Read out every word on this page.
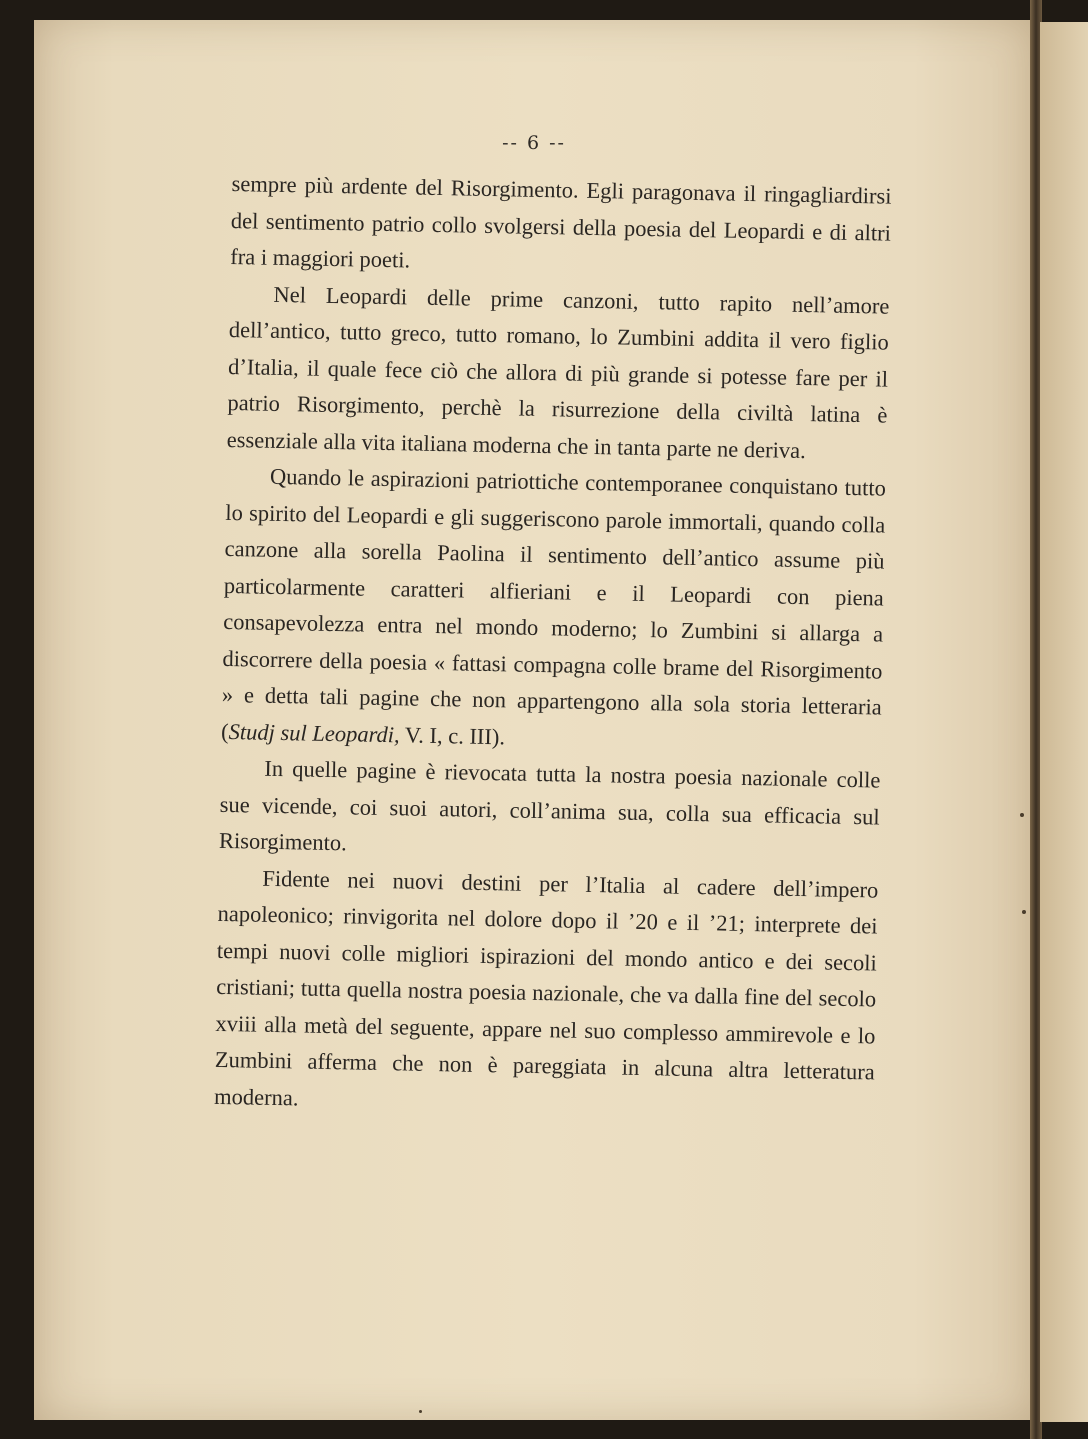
-- 6 --

sempre più ardente del Risorgimento. Egli paragonava il ringagliardirsi del sentimento patrio collo svolgersi della poesia del Leopardi e di altri fra i maggiori poeti.

Nel Leopardi delle prime canzoni, tutto rapito nell’amore dell’antico, tutto greco, tutto romano, lo Zumbini addita il vero figlio d’Italia, il quale fece ciò che allora di più grande si potesse fare per il patrio Risorgimento, perchè la risurrezione della civiltà latina è essenziale alla vita italiana moderna che in tanta parte ne deriva.

Quando le aspirazioni patriottiche contemporanee conquistano tutto lo spirito del Leopardi e gli suggeriscono parole immortali, quando colla canzone alla sorella Paolina il sentimento dell’antico assume più particolarmente caratteri alfieriani e il Leopardi con piena consapevolezza entra nel mondo moderno; lo Zumbini si allarga a discorrere della poesia « fattasi compagna colle brame del Risorgimento » e detta tali pagine che non appartengono alla sola storia letteraria (Studj sul Leopardi, V. I, c. III).

In quelle pagine è rievocata tutta la nostra poesia nazionale colle sue vicende, coi suoi autori, coll’anima sua, colla sua efficacia sul Risorgimento.

Fidente nei nuovi destini per l’Italia al cadere dell’impero napoleonico; rinvigorita nel dolore dopo il ’20 e il ’21; interprete dei tempi nuovi colle migliori ispirazioni del mondo antico e dei secoli cristiani; tutta quella nostra poesia nazionale, che va dalla fine del secolo xviii alla metà del seguente, appare nel suo complesso ammirevole e lo Zumbini afferma che non è pareggiata in alcuna altra letteratura moderna.
